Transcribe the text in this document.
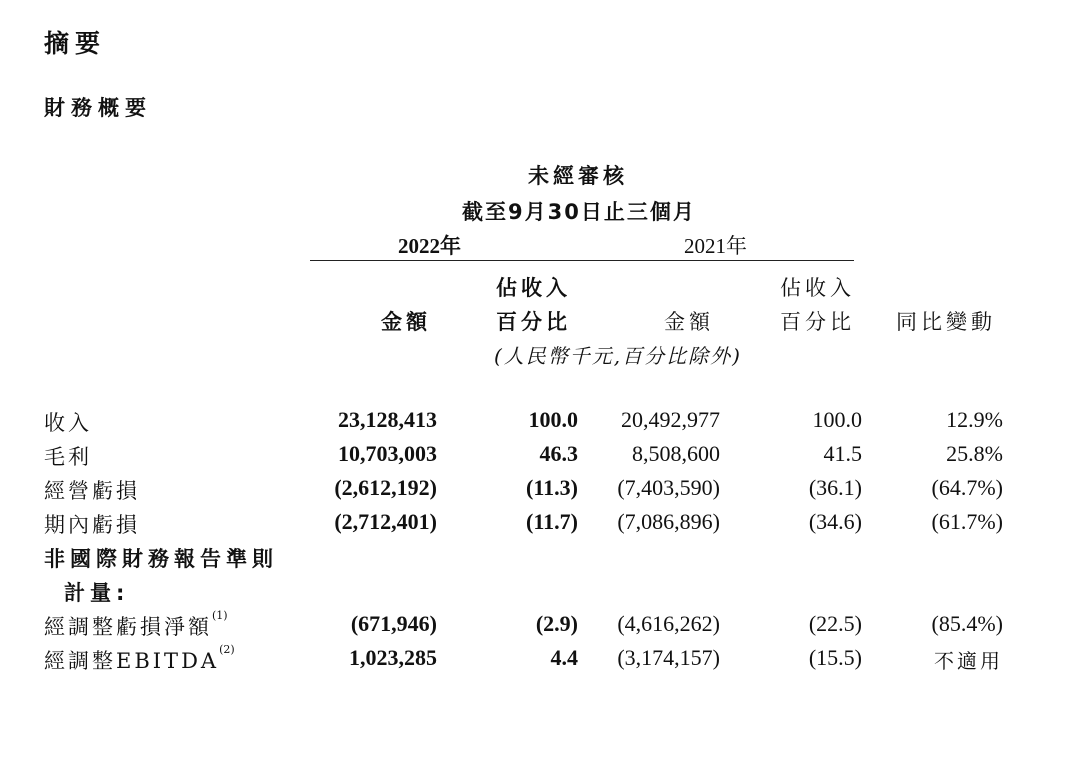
摘要
財務概要
未經審核
截至9月30日止三個月
2022年	2021年
佔收入	佔收入
金額	百分比	金額	百分比 同比變動
(人民幣千元,百分比除外)
收入	23,128,413	100.0 20,492,977	100.0	12.9%
毛利	10,703,003	46.3 8,508,600	41.5	25.8%
經營虧損	(2,612,192)	(11.3) (7,403,590)	(36.1)	(64.7%)
期內虧損	(2,712,401)	(11.7) (7,086,896)	(34.6)	(61.7%)
非國際財務報告準則
計量:
經調整虧損淨額$^{(1)}$	(671,946)	(2.9) (4,616,262)	(22.5)	(85.4%)
經調整EBITDA$^{(2)}$	1,023,285	4.4 (3,174,157)	(15.5)	不適用
